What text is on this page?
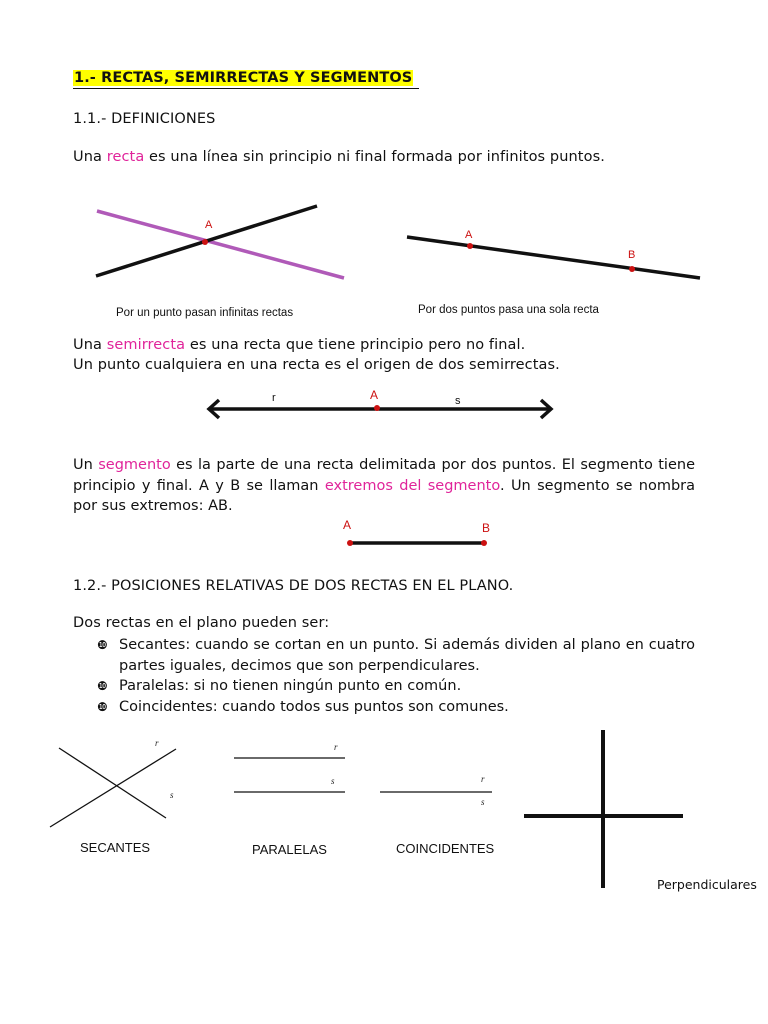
1.- RECTAS, SEMIRRECTAS Y SEGMENTOS
1.1.- DEFINICIONES
Una recta es una línea sin principio ni final formada por infinitos puntos.
A
Por un punto pasan infinitas rectas
A
B
Por dos puntos pasa una sola recta
Una semirrecta es una recta que tiene principio pero no final.
Un punto cualquiera en una recta es el origen de dos semirrectas.
r	A	s
Un segmento es la parte de una recta delimitada por dos puntos. El segmento tiene principio y final. A y B se llaman extremos del segmento. Un segmento se nombra por sus extremos: AB.
A	B
1.2.- POSICIONES RELATIVAS DE DOS RECTAS EN EL PLANO.
Dos rectas en el plano pueden ser:
❿ Secantes: cuando se cortan en un punto. Si además dividen al plano en cuatro partes iguales, decimos que son perpendiculares.
❿ Paralelas: si no tienen ningún punto en común.
❿ Coincidentes: cuando todos sus puntos son comunes.
r
s
SECANTES
r
s
PARALELAS
r
s
COINCIDENTES
Perpendiculares
